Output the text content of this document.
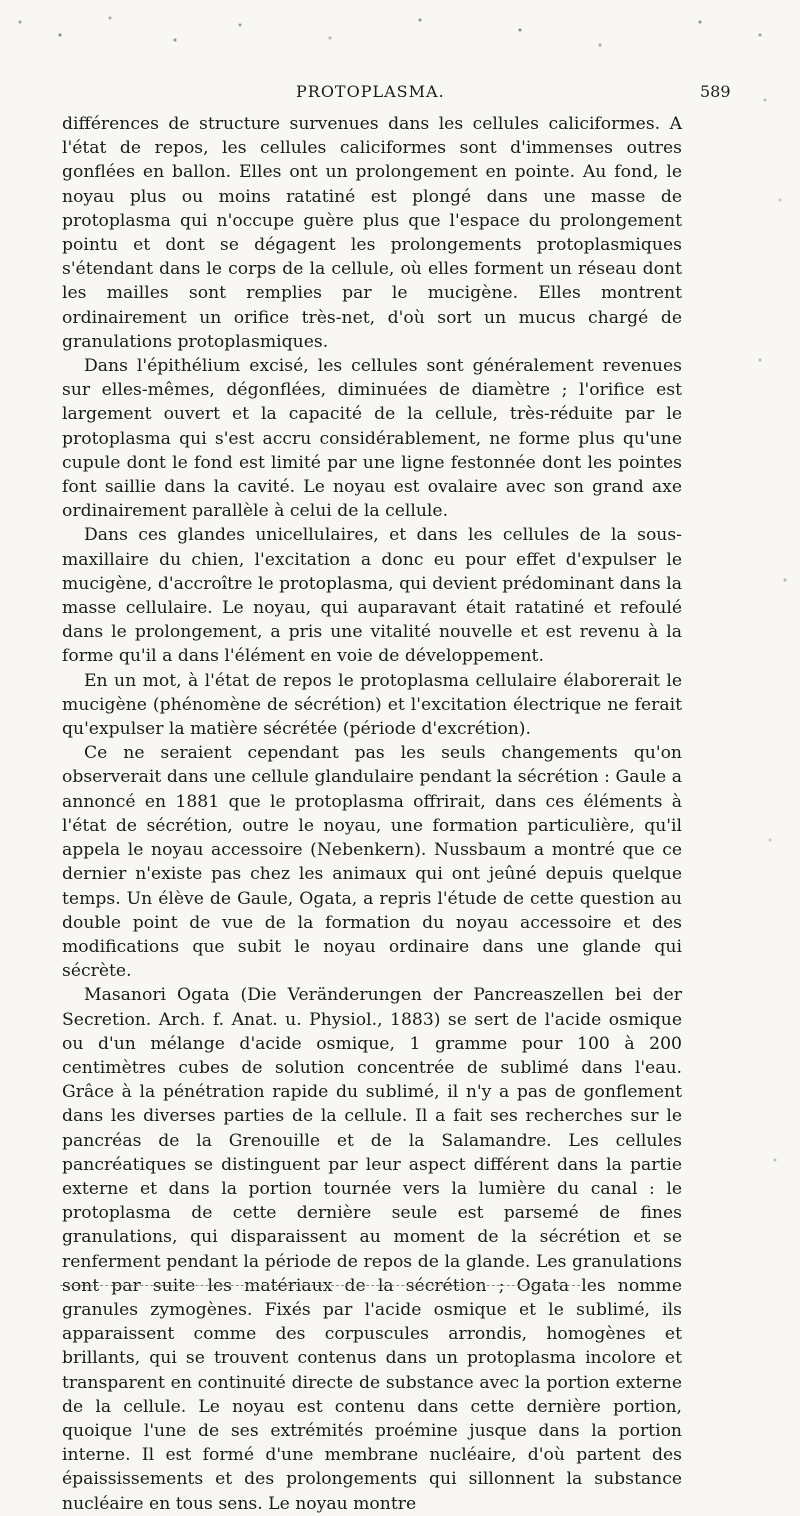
PROTOPLASMA.	589

différences de structure survenues dans les cellules caliciformes. A l'état de repos, les cellules caliciformes sont d'immenses outres gonflées en ballon. Elles ont un prolongement en pointe. Au fond, le noyau plus ou moins ratatiné est plongé dans une masse de protoplasma qui n'occupe guère plus que l'espace du prolongement pointu et dont se dégagent les prolongements protoplasmiques s'étendant dans le corps de la cellule, où elles forment un réseau dont les mailles sont remplies par le mucigène. Elles montrent ordinairement un orifice très-net, d'où sort un mucus chargé de granulations protoplasmiques.

Dans l'épithélium excisé, les cellules sont généralement revenues sur elles-mêmes, dégonflées, diminuées de diamètre ; l'orifice est largement ouvert et la capacité de la cellule, très-réduite par le protoplasma qui s'est accru considérablement, ne forme plus qu'une cupule dont le fond est limité par une ligne festonnée dont les pointes font saillie dans la cavité. Le noyau est ovalaire avec son grand axe ordinairement parallèle à celui de la cellule.

Dans ces glandes unicellulaires, et dans les cellules de la sous-maxillaire du chien, l'excitation a donc eu pour effet d'expulser le mucigène, d'accroître le protoplasma, qui devient prédominant dans la masse cellulaire. Le noyau, qui auparavant était ratatiné et refoulé dans le prolongement, a pris une vitalité nouvelle et est revenu à la forme qu'il a dans l'élément en voie de développement.

En un mot, à l'état de repos le protoplasma cellulaire élaborerait le mucigène (phénomène de sécrétion) et l'excitation électrique ne ferait qu'expulser la matière sécrétée (période d'excrétion).

Ce ne seraient cependant pas les seuls changements qu'on observerait dans une cellule glandulaire pendant la sécrétion : Gaule a annoncé en 1881 que le protoplasma offrirait, dans ces éléments à l'état de sécrétion, outre le noyau, une formation particulière, qu'il appela le noyau accessoire (Nebenkern). Nussbaum a montré que ce dernier n'existe pas chez les animaux qui ont jeûné depuis quelque temps. Un élève de Gaule, Ogata, a repris l'étude de cette question au double point de vue de la formation du noyau accessoire et des modifications que subit le noyau ordinaire dans une glande qui sécrète.

Masanori Ogata (Die Veränderungen der Pancreaszellen bei der Secretion. Arch. f. Anat. u. Physiol., 1883) se sert de l'acide osmique ou d'un mélange d'acide osmique, 1 gramme pour 100 à 200 centimètres cubes de solution concentrée de sublimé dans l'eau. Grâce à la pénétration rapide du sublimé, il n'y a pas de gonflement dans les diverses parties de la cellule. Il a fait ses recherches sur le pancréas de la Grenouille et de la Salamandre. Les cellules pancréatiques se distinguent par leur aspect différent dans la partie externe et dans la portion tournée vers la lumière du canal : le protoplasma de cette dernière seule est parsemé de fines granulations, qui disparaissent au moment de la sécrétion et se renferment pendant la période de repos de la glande. Les granulations sont par suite les matériaux de la sécrétion ; Ogata les nomme granules zymogènes. Fixés par l'acide osmique et le sublimé, ils apparaissent comme des corpuscules arrondis, homogènes et brillants, qui se trouvent contenus dans un protoplasma incolore et transparent en continuité directe de substance avec la portion externe de la cellule. Le noyau est contenu dans cette dernière portion, quoique l'une de ses extrémités proémine jusque dans la portion interne. Il est formé d'une membrane nucléaire, d'où partent des épaississements et des prolongements qui sillonnent la substance nucléaire en tous sens. Le noyau montre
